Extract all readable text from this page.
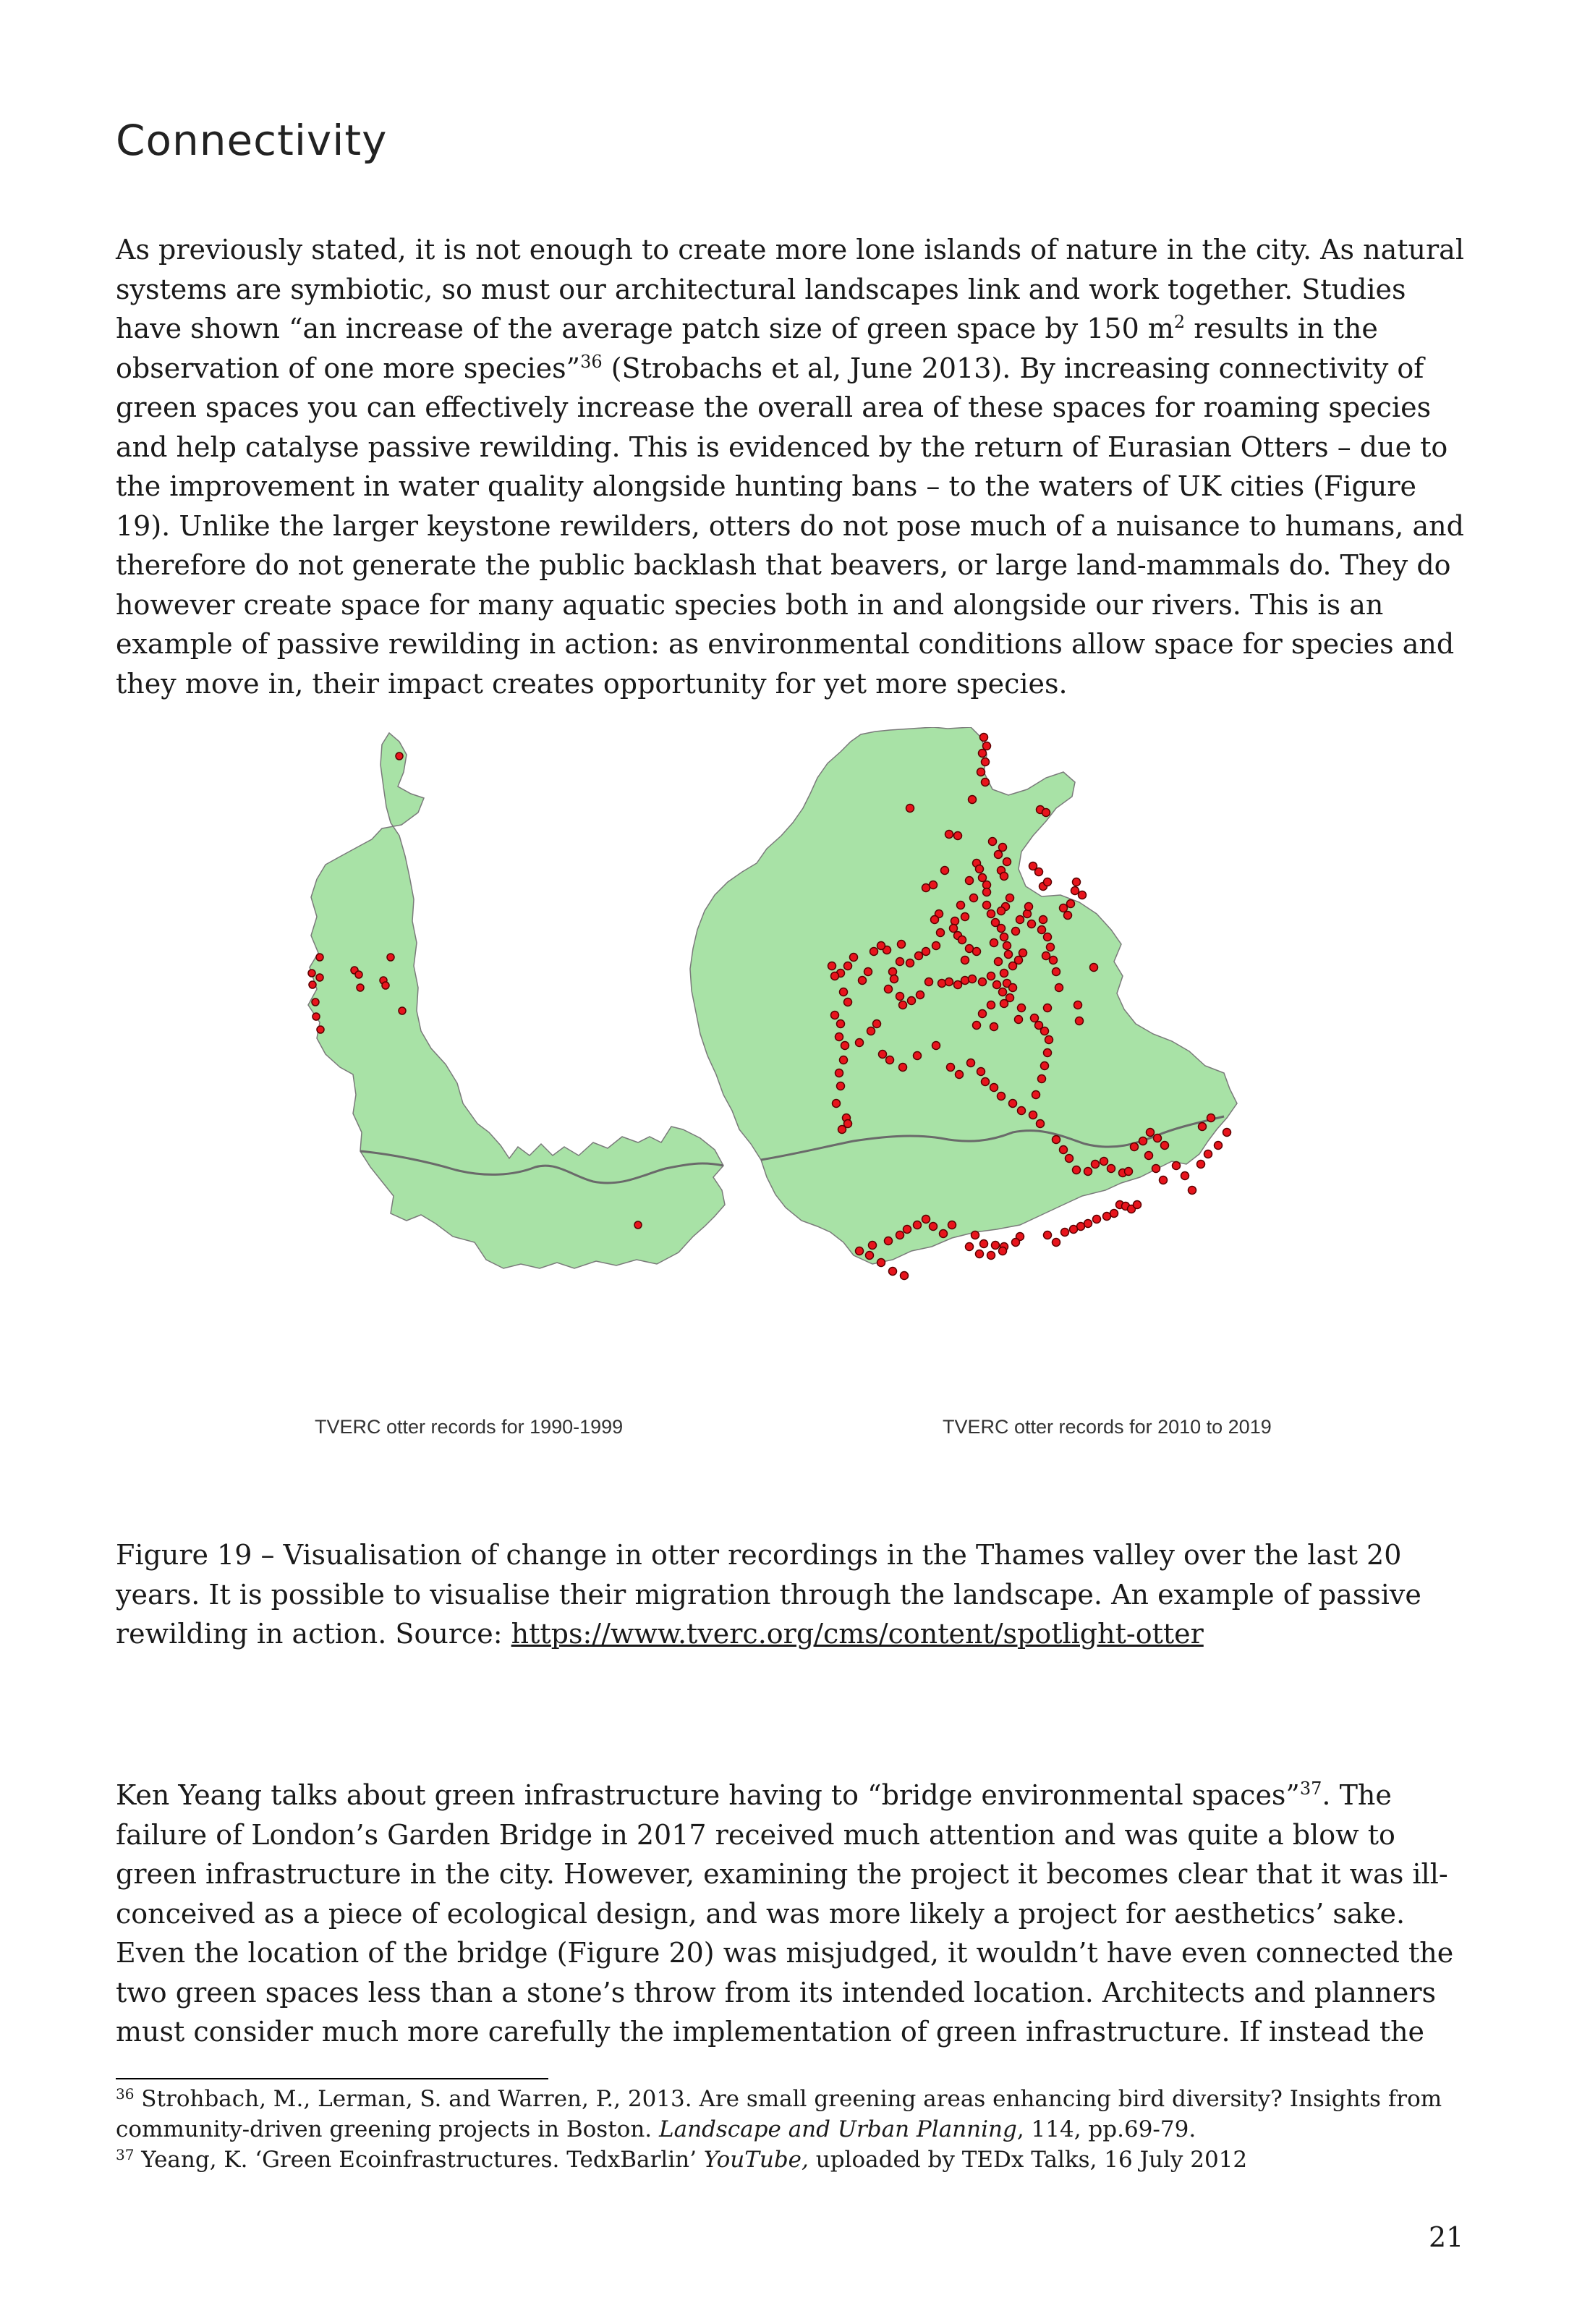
Connectivity
As previously stated, it is not enough to create more lone islands of nature in the city. As natural systems are symbiotic, so must our architectural landscapes link and work together. Studies have shown “an increase of the average patch size of green space by 150 $m^2$ results in the observation of one more species”$^{36}$ (Strobachs et al, June 2013). By increasing connectivity of green spaces you can effectively increase the overall area of these spaces for roaming species and help catalyse passive rewilding. This is evidenced by the return of Eurasian Otters – due to the improvement in water quality alongside hunting bans – to the waters of UK cities (Figure 19). Unlike the larger keystone rewilders, otters do not pose much of a nuisance to humans, and therefore do not generate the public backlash that beavers, or large land-mammals do. They do however create space for many aquatic species both in and alongside our rivers. This is an example of passive rewilding in action: as environmental conditions allow space for species and they move in, their impact creates opportunity for yet more species.
TVERC otter records for 1990-1999	TVERC otter records for 2010 to 2019
Figure 19 – Visualisation of change in otter recordings in the Thames valley over the last 20 years. It is possible to visualise their migration through the landscape. An example of passive rewilding in action. Source: https://www.tverc.org/cms/content/spotlight-otter
Ken Yeang talks about green infrastructure having to “bridge environmental spaces”$^{37}$. The failure of London’s Garden Bridge in 2017 received much attention and was quite a blow to green infrastructure in the city. However, examining the project it becomes clear that it was ill-conceived as a piece of ecological design, and was more likely a project for aesthetics’ sake. Even the location of the bridge (Figure 20) was misjudged, it wouldn’t have even connected the two green spaces less than a stone’s throw from its intended location. Architects and planners must consider much more carefully the implementation of green infrastructure. If instead the
$^{36}$ Strohbach, M., Lerman, S. and Warren, P., 2013. Are small greening areas enhancing bird diversity? Insights from community-driven greening projects in Boston. Landscape and Urban Planning, 114, pp.69-79.
$^{37}$ Yeang, K. ‘Green Ecoinfrastructures. TedxBarlin’ YouTube, uploaded by TEDx Talks, 16 July 2012
21
